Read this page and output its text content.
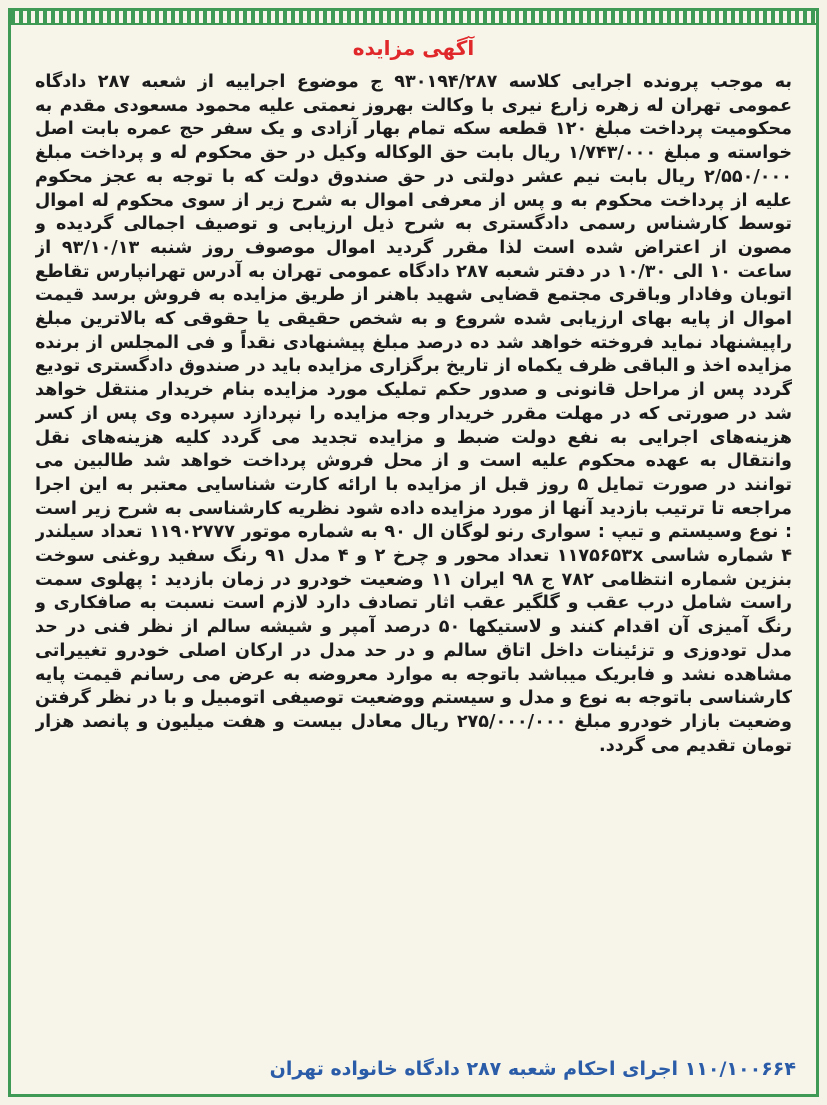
آگهی مزایده
به موجب پرونده اجرایی کلاسه ۹۳۰۱۹۴/۲۸۷ ج موضوع اجراییه از شعبه ۲۸۷ دادگاه عمومی تهران له زهره زارع نیری با وکالت بهروز نعمتی علیه محمود مسعودی مقدم به محکومیت پرداخت مبلغ ۱۲۰ قطعه سکه تمام بهار آزادی و یک سفر حج عمره بابت اصل خواسته و مبلغ ۱/۷۴۳/۰۰۰ ریال بابت حق الوکاله وکیل در حق محکوم له و پرداخت مبلغ ۲/۵۵۰/۰۰۰ ریال بابت نیم عشر دولتی در حق صندوق دولت که با توجه به عجز محکوم علیه از پرداخت محکوم به و پس از معرفی اموال به شرح زیر از سوی محکوم له اموال توسط کارشناس رسمی دادگستری به شرح ذیل ارزیابی و توصیف اجمالی گردیده و مصون از اعتراض شده است لذا مقرر گردید اموال موصوف روز شنبه ۹۳/۱۰/۱۳ از ساعت ۱۰ الی ۱۰/۳۰ در دفتر شعبه ۲۸۷ دادگاه عمومی تهران به آدرس تهرانپارس تقاطع اتوبان وفادار وباقری مجتمع قضایی شهید باهنر از طریق مزایده به فروش برسد قیمت اموال از پایه بهای ارزیابی شده شروع و به شخص حقیقی یا حقوقی که بالاترین مبلغ راپیشنهاد نماید فروخته خواهد شد ده درصد مبلغ پیشنهادی نقداً و فی المجلس از برنده مزایده اخذ و الباقی ظرف یکماه از تاریخ برگزاری مزایده باید در صندوق دادگستری تودیع گردد پس از مراحل قانونی و صدور حکم تملیک مورد مزایده بنام خریدار منتقل خواهد شد در صورتی که در مهلت مقرر خریدار وجه مزایده را نپردازد سپرده وی پس از کسر هزینه‌های اجرایی به نفع دولت ضبط و مزایده تجدید می گردد کلیه هزینه‌های نقل وانتقال به عهده محکوم علیه است و از محل فروش پرداخت خواهد شد طالبین می توانند در صورت تمایل ۵ روز قبل از مزایده با ارائه کارت شناسایی معتبر به این اجرا مراجعه تا ترتیب بازدید آنها از مورد مزایده داده شود نظریه کارشناسی به شرح زیر است : نوع وسیستم و تیپ : سواری رنو لوگان ال ۹۰ به شماره موتور ۱۱۹۰۲۷۷۷ تعداد سیلندر ۴ شماره شاسی ۱۱۷۵۶۵۳x تعداد محور و چرخ ۲ و ۴ مدل ۹۱ رنگ سفید روغنی سوخت بنزین شماره انتظامی ۷۸۲ ج ۹۸ ایران ۱۱ وضعیت خودرو در زمان بازدید : پهلوی سمت راست شامل درب عقب و گلگیر عقب اثار تصادف دارد لازم است نسبت به صافکاری و رنگ آمیزی آن اقدام کنند و لاستیکها ۵۰ درصد آمپر و شیشه سالم از نظر فنی در حد مدل تودوزی و تزئینات داخل اتاق سالم و در حد مدل در ارکان اصلی خودرو تغییراتی مشاهده نشد و فابریک میباشد باتوجه به موارد معروضه به عرض می رسانم قیمت پایه کارشناسی باتوجه به نوع و مدل و سیستم ووضعیت توصیفی اتومبیل و با در نظر گرفتن وضعیت بازار خودرو مبلغ ۲۷۵/۰۰۰/۰۰۰ ریال معادل بیست و هفت میلیون و پانصد هزار تومان تقدیم می گردد.
۱۱۰/۱۰۰۶۶۴ اجرای احکام شعبه ۲۸۷ دادگاه خانواده تهران
